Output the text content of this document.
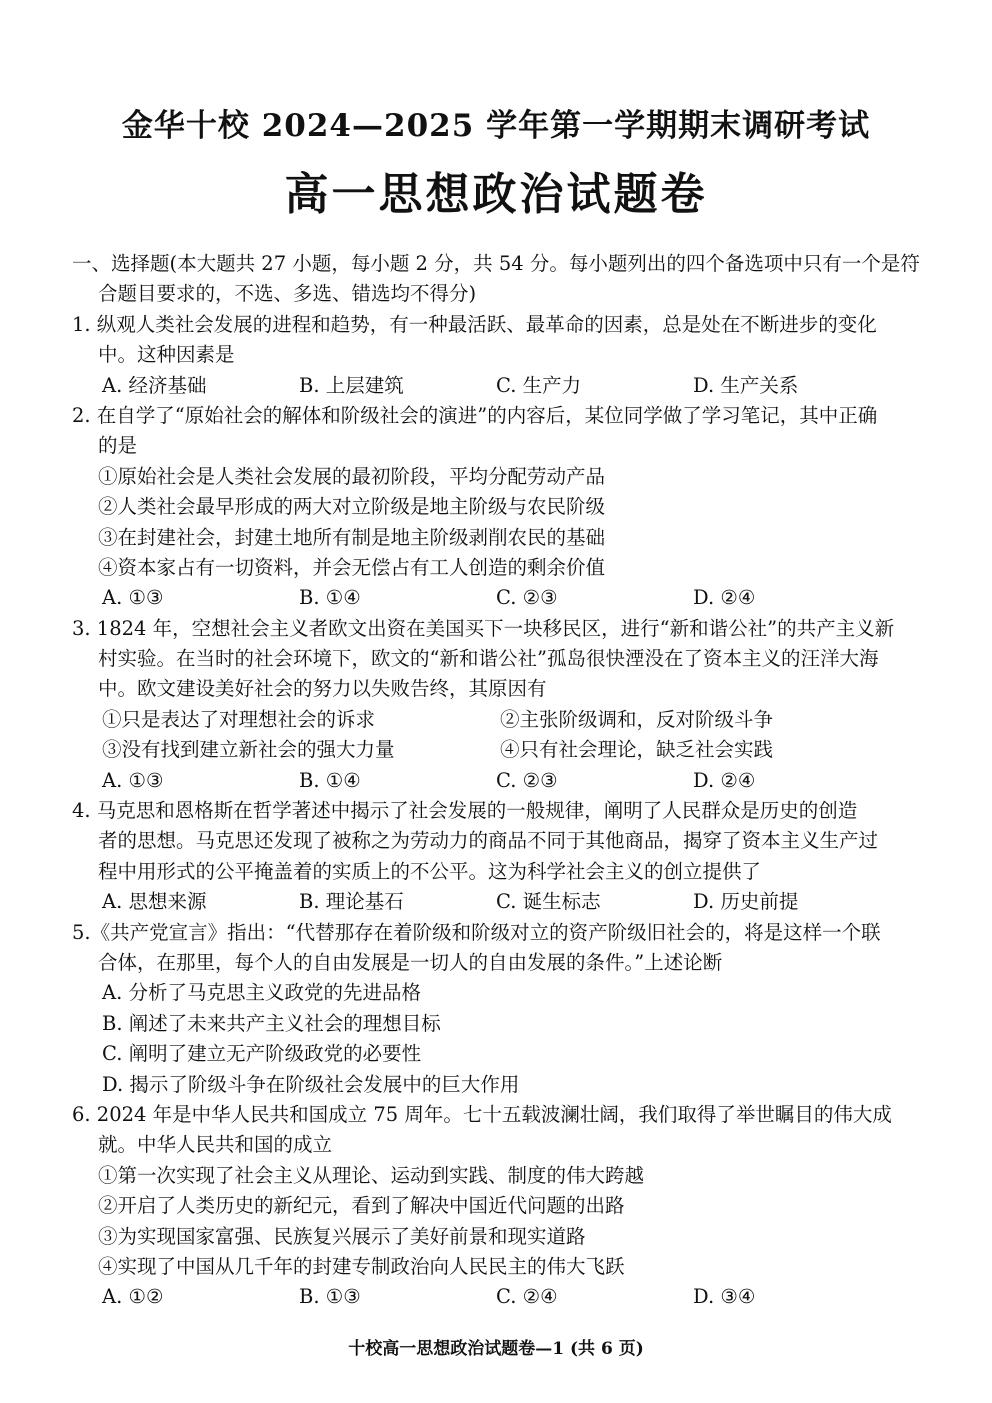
金华十校 2024—2025 学年第一学期期末调研考试
高一思想政治试题卷
一、选择题(本大题共 27 小题，每小题 2 分，共 54 分。每小题列出的四个备选项中只有一个是符
合题目要求的，不选、多选、错选均不得分)
1. 纵观人类社会发展的进程和趋势，有一种最活跃、最革命的因素，总是处在不断进步的变化
中。这种因素是
A. 经济基础	B. 上层建筑	C. 生产力	D. 生产关系
2. 在自学了“原始社会的解体和阶级社会的演进”的内容后，某位同学做了学习笔记，其中正确
的是
①原始社会是人类社会发展的最初阶段，平均分配劳动产品
②人类社会最早形成的两大对立阶级是地主阶级与农民阶级
③在封建社会，封建土地所有制是地主阶级剥削农民的基础
④资本家占有一切资料，并会无偿占有工人创造的剩余价值
A. ①③	B. ①④	C. ②③	D. ②④
3. 1824 年，空想社会主义者欧文出资在美国买下一块移民区，进行“新和谐公社”的共产主义新
村实验。在当时的社会环境下，欧文的“新和谐公社”孤岛很快湮没在了资本主义的汪洋大海
中。欧文建设美好社会的努力以失败告终，其原因有
①只是表达了对理想社会的诉求	②主张阶级调和，反对阶级斗争
③没有找到建立新社会的强大力量	④只有社会理论，缺乏社会实践
A. ①③	B. ①④	C. ②③	D. ②④
4. 马克思和恩格斯在哲学著述中揭示了社会发展的一般规律，阐明了人民群众是历史的创造
者的思想。马克思还发现了被称之为劳动力的商品不同于其他商品，揭穿了资本主义生产过
程中用形式的公平掩盖着的实质上的不公平。这为科学社会主义的创立提供了
A. 思想来源	B. 理论基石	C. 诞生标志	D. 历史前提
5.《共产党宣言》指出：“代替那存在着阶级和阶级对立的资产阶级旧社会的，将是这样一个联
合体，在那里，每个人的自由发展是一切人的自由发展的条件。”上述论断
A. 分析了马克思主义政党的先进品格
B. 阐述了未来共产主义社会的理想目标
C. 阐明了建立无产阶级政党的必要性
D. 揭示了阶级斗争在阶级社会发展中的巨大作用
6. 2024 年是中华人民共和国成立 75 周年。七十五载波澜壮阔，我们取得了举世瞩目的伟大成
就。中华人民共和国的成立
①第一次实现了社会主义从理论、运动到实践、制度的伟大跨越
②开启了人类历史的新纪元，看到了解决中国近代问题的出路
③为实现国家富强、民族复兴展示了美好前景和现实道路
④实现了中国从几千年的封建专制政治向人民民主的伟大飞跃
A. ①②	B. ①③	C. ②④	D. ③④
十校高一思想政治试题卷—1 (共 6 页)
